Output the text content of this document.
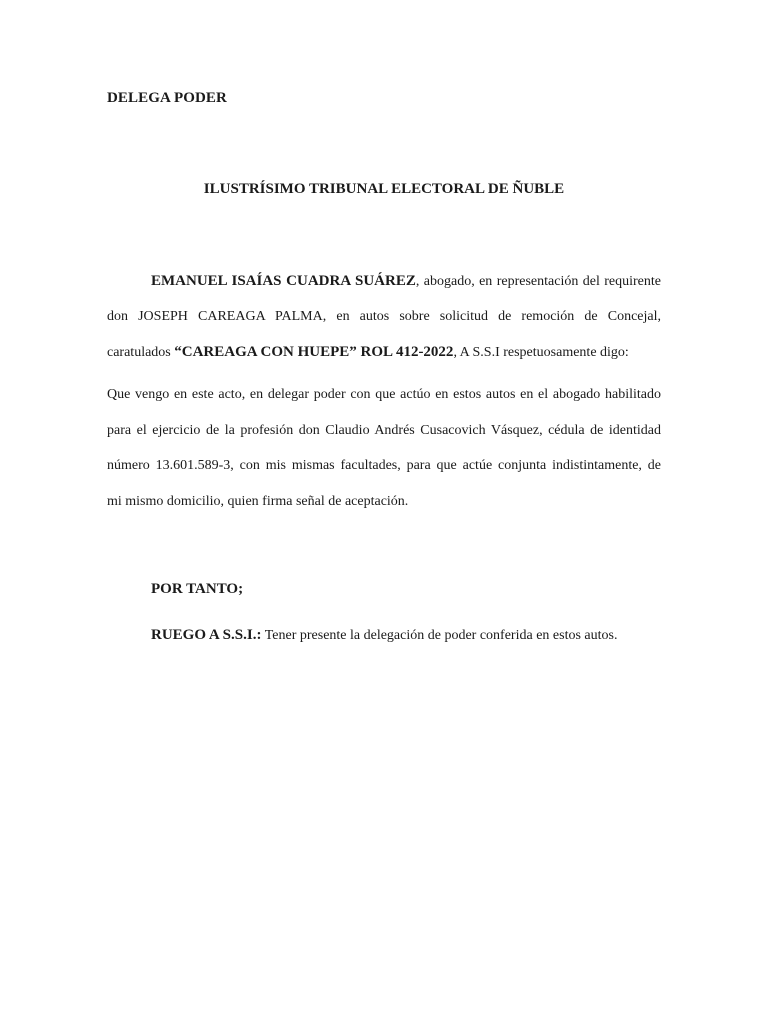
DELEGA PODER
ILUSTRÍSIMO TRIBUNAL ELECTORAL DE ÑUBLE
EMANUEL ISAÍAS CUADRA SUÁREZ, abogado, en representación del requirente
don JOSEPH CAREAGA PALMA, en autos sobre solicitud de remoción de Concejal,
caratulados “CAREAGA CON HUEPE” ROL 412-2022, A S.S.I respetuosamente digo:
Que vengo en este acto, en delegar poder con que actúo en estos autos en el abogado habilitado
para el ejercicio de la profesión don Claudio Andrés Cusacovich Vásquez, cédula de identidad
número 13.601.589-3, con mis mismas facultades, para que actúe conjunta indistintamente, de
mi mismo domicilio, quien firma señal de aceptación.
POR TANTO;
RUEGO A S.S.I.: Tener presente la delegación de poder conferida en estos autos.
